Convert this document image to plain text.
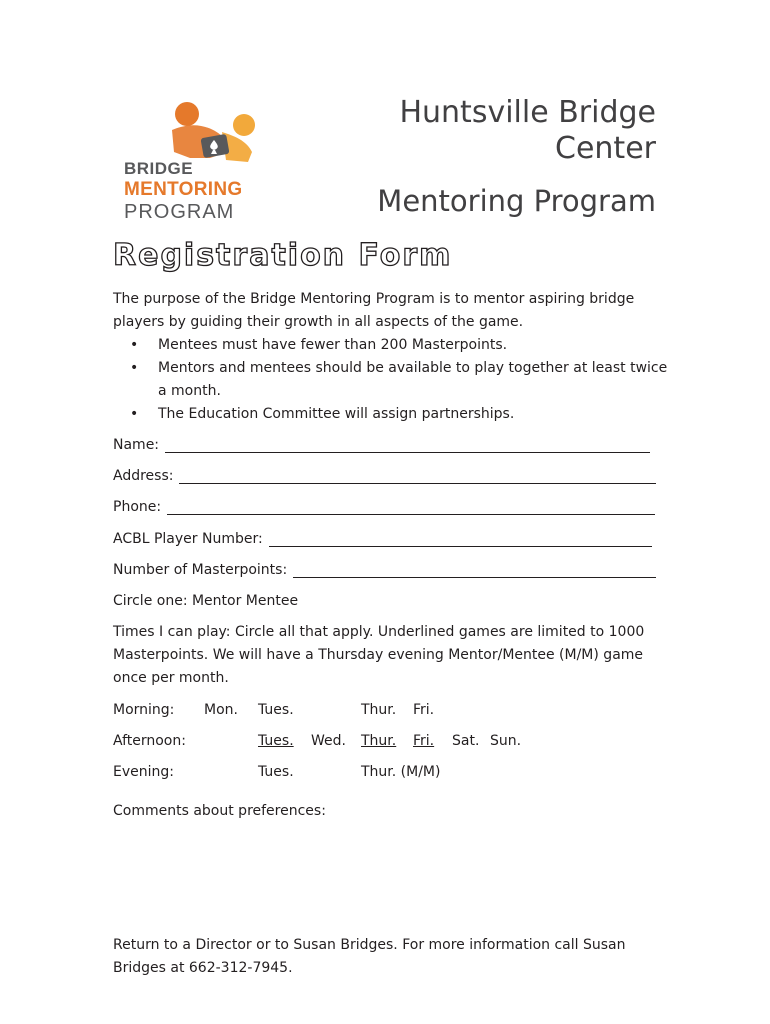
BRIDGE
MENTORING
PROGRAM
Huntsville Bridge
Center
Mentoring Program
Registration Form
The purpose of the Bridge Mentoring Program is to mentor aspiring bridge
players by guiding their growth in all aspects of the game.
• Mentees must have fewer than 200 Masterpoints.
• Mentors and mentees should be available to play together at least twice
a month.
• The Education Committee will assign partnerships.
Name:
Address:
Phone:
ACBL Player Number:
Number of Masterpoints:
Circle one: Mentor Mentee
Times I can play: Circle all that apply. Underlined games are limited to 1000
Masterpoints. We will have a Thursday evening Mentor/Mentee (M/M) game
once per month.
Morning: Mon. Tues.	Thur. Fri.
Afternoon:	Tues. Wed. Thur. Fri. Sat. Sun.
Evening:	Tues.	Thur. (M/M)
Comments about preferences:
Return to a Director or to Susan Bridges. For more information call Susan
Bridges at 662-312-7945.
